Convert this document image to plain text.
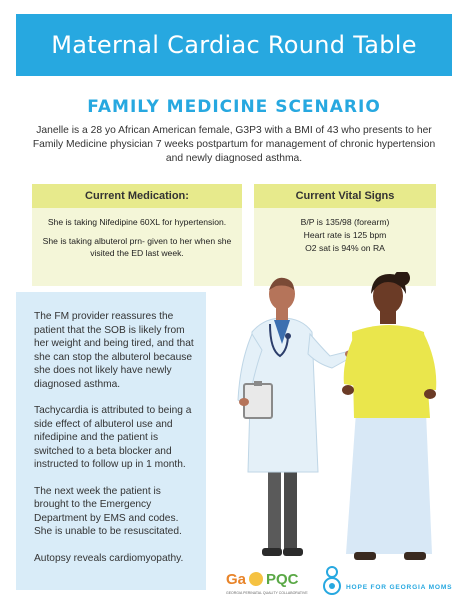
Maternal Cardiac Round Table
FAMILY MEDICINE SCENARIO
Janelle is a 28 yo African American female, G3P3 with a BMI of 43 who presents to her Family Medicine physician 7 weeks postpartum for management of chronic hypertension and newly diagnosed asthma.
Current Medication:

She is taking Nifedipine 60XL for hypertension.

She is taking albuterol prn- given to her when she visited the ED last week.

Current Vital Signs

B/P is 135/98 (forearm)

Heart rate is 125 bpm

O2 sat is 94% on RA

The FM provider reassures the patient that the SOB is likely from her weight and being tired, and that she can stop the albuterol because she does not likely have newly diagnosed asthma.

Tachycardia is attributed to being a side effect of albuterol use and nifedipine and the patient is switched to a beta blocker and instructed to follow up in 1 month.

The next week the patient is brought to the Emergency Department by EMS and codes. She is unable to be resuscitated.

Autopsy reveals cardiomyopathy.

Ga PQC
GEORGIA PERINATAL QUALITY COLLABORATIVE
HOPE FOR GEORGIA MOMS
